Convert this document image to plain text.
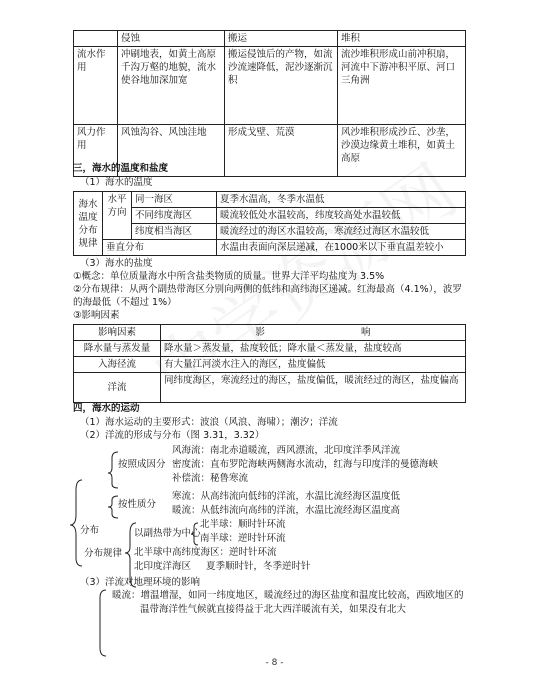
	侵蚀	搬运	堆积
流水作用	冲刷地表，如黄土高原千沟万壑的地貌，流水使谷地加深加宽	搬运侵蚀后的产物，如流沙流速降低，泥沙逐渐沉积	流沙堆积形成山前冲积扇，河流中下游冲积平原、河口三角洲
风力作用	风蚀沟谷、风蚀洼地	形成戈壁、荒漠	风沙堆积形成沙丘、沙垄，沙漠边缘黄土堆积，如黄土高原
三，海水的温度和盐度
（1）海水的温度
海水温度分布规律	水平方向	同一海区	夏季水温高，冬季水温低
		不同纬度海区	暖流较低处水温较高，纬度较高处水温较低
		纬度相当海区	暖流经过的海区水温较高，寒流经过海区水温较低
	垂直分布		水温由表面向深层递减，在1000米以下垂直温差较小
（3）海水的盐度
①概念：单位质量海水中所含盐类物质的质量。世界大洋平均盐度为 3.5%
②分布规律：从两个副热带海区分别向两侧的低纬和高纬海区递减。红海最高（4.1%），波罗
的海最低（不超过 1%）
③影响因素
影响因素	影 响
降水量与蒸发量	降水量＞蒸发量，盐度较低；降水量＜蒸发量，盐度较高
入海径流	有大量江河淡水注入的海区，盐度偏低
洋流	同纬度海区，寒流经过的海区，盐度偏低，暖流经过的海区，盐度偏高
四，海水的运动
（1）海水运动的主要形式：波浪（风浪、海啸）；潮汐；洋流
（2）洋流的形成与分布（图 3.31，3.32）
分布
按照成因分
风海流：南北赤道暖流，西风漂流，北印度洋季风洋流
密度流：直布罗陀海峡两侧海水流动，红海与印度洋的曼德海峡
补偿流：秘鲁寒流
按性质分
寒流：从高纬流向低纬的洋流，水温比流经海区温度低
暖流：从低纬流向高纬的洋流，水温比流经海区温度高
分布规律
以副热带为中心
北半球：顺时针环流
南半球：逆时针环流
北半球中高纬度海区：逆时针环流
北印度洋海区 夏季顺时针，冬季逆时针
（3）洋流对地理环境的影响
暖流：增温增湿，如同一纬度地区，暖流经过的海区盐度和温度比较高，西欧地区的
温带海洋性气候就直接得益于北大西洋暖流有关，如果没有北大
- 8 -
